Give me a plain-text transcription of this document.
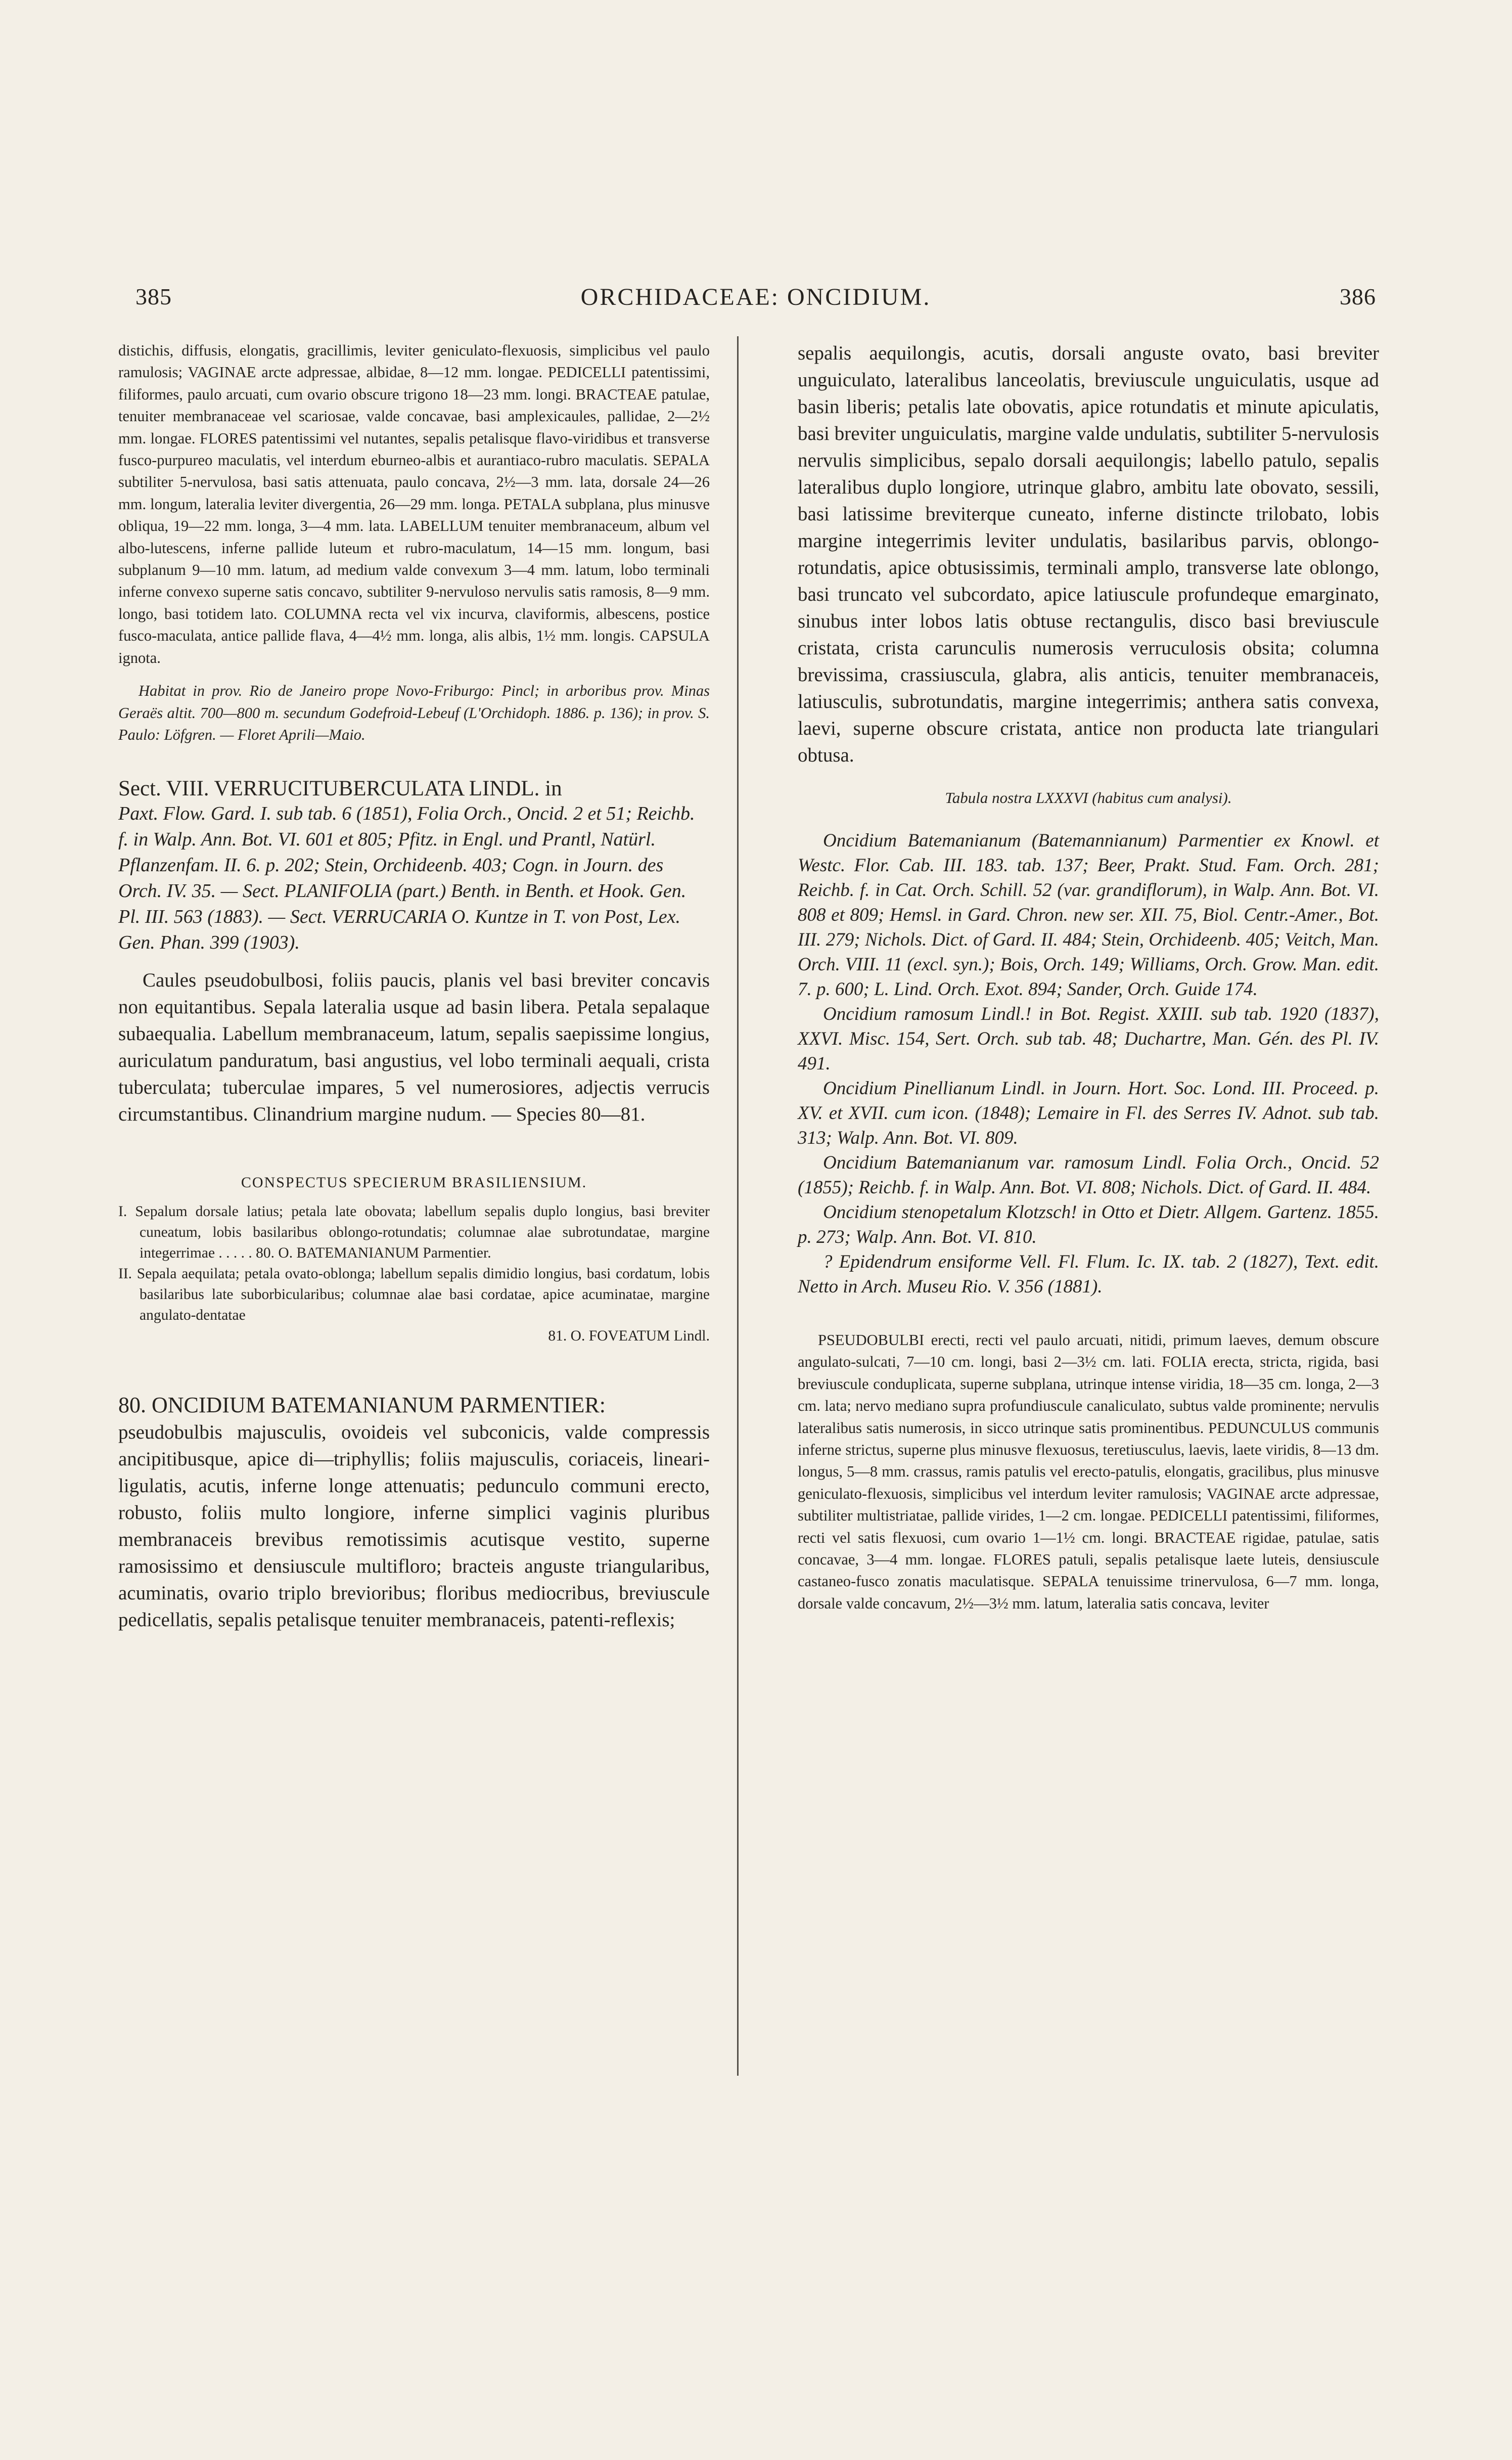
385	ORCHIDACEAE: ONCIDIUM.	386

distichis, diffusis, elongatis, gracillimis, leviter geniculato-flexuosis, simplicibus vel paulo ramulosis; VAGINAE arcte adpressae, albidae, 8—12 mm. longae. PEDICELLI patentissimi, filiformes, paulo arcuati, cum ovario obscure trigono 18—23 mm. longi. BRACTEAE patulae, tenuiter membranaceae vel scariosae, valde concavae, basi amplexicaules, pallidae, 2—2½ mm. longae. FLORES patentissimi vel nutantes, sepalis petalisque flavo-viridibus et transverse fusco-purpureo maculatis, vel interdum eburneo-albis et aurantiaco-rubro maculatis. SEPALA subtiliter 5-nervulosa, basi satis attenuata, paulo concava, 2½—3 mm. lata, dorsale 24—26 mm. longum, lateralia leviter divergentia, 26—29 mm. longa. PETALA subplana, plus minusve obliqua, 19—22 mm. longa, 3—4 mm. lata. LABELLUM tenuiter membranaceum, album vel albo-lutescens, inferne pallide luteum et rubro-maculatum, 14—15 mm. longum, basi subplanum 9—10 mm. latum, ad medium valde convexum 3—4 mm. latum, lobo terminali inferne convexo superne satis concavo, subtiliter 9-nervuloso nervulis satis ramosis, 8—9 mm. longo, basi totidem lato. COLUMNA recta vel vix incurva, claviformis, albescens, postice fusco-maculata, antice pallide flava, 4—4½ mm. longa, alis albis, 1½ mm. longis. CAPSULA ignota.

Habitat in prov. Rio de Janeiro prope Novo-Friburgo: Pincl; in arboribus prov. Minas Geraës altit. 700—800 m. secundum Godefroid-Lebeuf (L'Orchidoph. 1886. p. 136); in prov. S. Paulo: Löfgren. — Floret Aprili—Maio.

Sect. VIII. VERRUCITUBERCULATA LINDL. in

Paxt. Flow. Gard. I. sub tab. 6 (1851), Folia Orch., Oncid. 2 et 51; Reichb. f. in Walp. Ann. Bot. VI. 601 et 805; Pfitz. in Engl. und Prantl, Natürl. Pflanzenfam. II. 6. p. 202; Stein, Orchideenb. 403; Cogn. in Journ. des Orch. IV. 35. — Sect. PLANIFOLIA (part.) Benth. in Benth. et Hook. Gen. Pl. III. 563 (1883). — Sect. VERRUCARIA O. Kuntze in T. von Post, Lex. Gen. Phan. 399 (1903).

Caules pseudobulbosi, foliis paucis, planis vel basi breviter concavis non equitantibus. Sepala lateralia usque ad basin libera. Petala sepalaque subaequalia. Labellum membranaceum, latum, sepalis saepissime longius, auriculatum panduratum, basi angustius, vel lobo terminali aequali, crista tuberculata; tuberculae impares, 5 vel numerosiores, adjectis verrucis circumstantibus. Clinandrium margine nudum. — Species 80—81.

CONSPECTUS SPECIERUM BRASILIENSIUM.

I. Sepalum dorsale latius; petala late obovata; labellum sepalis duplo longius, basi breviter cuneatum, lobis basilaribus oblongo-rotundatis; columnae alae subrotundatae, margine integerrimae . . . . . 80. O. BATEMANIANUM Parmentier.

II. Sepala aequilata; petala ovato-oblonga; labellum sepalis dimidio longius, basi cordatum, lobis basilaribus late suborbicularibus; columnae alae basi cordatae, apice acuminatae, margine angulato-dentatae
81. O. FOVEATUM Lindl.

80. ONCIDIUM BATEMANIANUM PARMENTIER:

pseudobulbis majusculis, ovoideis vel subconicis, valde compressis ancipitibusque, apice di—triphyllis; foliis majusculis, coriaceis, lineari-ligulatis, acutis, inferne longe attenuatis; pedunculo communi erecto, robusto, foliis multo longiore, inferne simplici vaginis pluribus membranaceis brevibus remotissimis acutisque vestito, superne ramosissimo et densiuscule multifloro; bracteis anguste triangularibus, acuminatis, ovario triplo brevioribus; floribus mediocribus, breviuscule pedicellatis, sepalis petalisque tenuiter membranaceis, patenti-reflexis;

sepalis aequilongis, acutis, dorsali anguste ovato, basi breviter unguiculato, lateralibus lanceolatis, breviuscule unguiculatis, usque ad basin liberis; petalis late obovatis, apice rotundatis et minute apiculatis, basi breviter unguiculatis, margine valde undulatis, subtiliter 5-nervulosis nervulis simplicibus, sepalo dorsali aequilongis; labello patulo, sepalis lateralibus duplo longiore, utrinque glabro, ambitu late obovato, sessili, basi latissime breviterque cuneato, inferne distincte trilobato, lobis margine integerrimis leviter undulatis, basilaribus parvis, oblongo-rotundatis, apice obtusissimis, terminali amplo, transverse late oblongo, basi truncato vel subcordato, apice latiuscule profundeque emarginato, sinubus inter lobos latis obtuse rectangulis, disco basi breviuscule cristata, crista carunculis numerosis verruculosis obsita; columna brevissima, crassiuscula, glabra, alis anticis, tenuiter membranaceis, latiusculis, subrotundatis, margine integerrimis; anthera satis convexa, laevi, superne obscure cristata, antice non producta late triangulari obtusa.

Tabula nostra LXXXVI (habitus cum analysi).

Oncidium Batemanianum (Batemannianum) Parmentier ex Knowl. et Westc. Flor. Cab. III. 183. tab. 137; Beer, Prakt. Stud. Fam. Orch. 281; Reichb. f. in Cat. Orch. Schill. 52 (var. grandiflorum), in Walp. Ann. Bot. VI. 808 et 809; Hemsl. in Gard. Chron. new ser. XII. 75, Biol. Centr.-Amer., Bot. III. 279; Nichols. Dict. of Gard. II. 484; Stein, Orchideenb. 405; Veitch, Man. Orch. VIII. 11 (excl. syn.); Bois, Orch. 149; Williams, Orch. Grow. Man. edit. 7. p. 600; L. Lind. Orch. Exot. 894; Sander, Orch. Guide 174.

Oncidium ramosum Lindl.! in Bot. Regist. XXIII. sub tab. 1920 (1837), XXVI. Misc. 154, Sert. Orch. sub tab. 48; Duchartre, Man. Gén. des Pl. IV. 491.

Oncidium Pinellianum Lindl. in Journ. Hort. Soc. Lond. III. Proceed. p. XV. et XVII. cum icon. (1848); Lemaire in Fl. des Serres IV. Adnot. sub tab. 313; Walp. Ann. Bot. VI. 809.

Oncidium Batemanianum var. ramosum Lindl. Folia Orch., Oncid. 52 (1855); Reichb. f. in Walp. Ann. Bot. VI. 808; Nichols. Dict. of Gard. II. 484.

Oncidium stenopetalum Klotzsch! in Otto et Dietr. Allgem. Gartenz. 1855. p. 273; Walp. Ann. Bot. VI. 810.

? Epidendrum ensiforme Vell. Fl. Flum. Ic. IX. tab. 2 (1827), Text. edit. Netto in Arch. Museu Rio. V. 356 (1881).

PSEUDOBULBI erecti, recti vel paulo arcuati, nitidi, primum laeves, demum obscure angulato-sulcati, 7—10 cm. longi, basi 2—3½ cm. lati. FOLIA erecta, stricta, rigida, basi breviuscule conduplicata, superne subplana, utrinque intense viridia, 18—35 cm. longa, 2—3 cm. lata; nervo mediano supra profundiuscule canaliculato, subtus valde prominente; nervulis lateralibus satis numerosis, in sicco utrinque satis prominentibus. PEDUNCULUS communis inferne strictus, superne plus minusve flexuosus, teretiusculus, laevis, laete viridis, 8—13 dm. longus, 5—8 mm. crassus, ramis patulis vel erecto-patulis, elongatis, gracilibus, plus minusve geniculato-flexuosis, simplicibus vel interdum leviter ramulosis; VAGINAE arcte adpressae, subtiliter multistriatae, pallide virides, 1—2 cm. longae. PEDICELLI patentissimi, filiformes, recti vel satis flexuosi, cum ovario 1—1½ cm. longi. BRACTEAE rigidae, patulae, satis concavae, 3—4 mm. longae. FLORES patuli, sepalis petalisque laete luteis, densiuscule castaneo-fusco zonatis maculatisque. SEPALA tenuissime trinervulosa, 6—7 mm. longa, dorsale valde concavum, 2½—3½ mm. latum, lateralia satis concava, leviter
